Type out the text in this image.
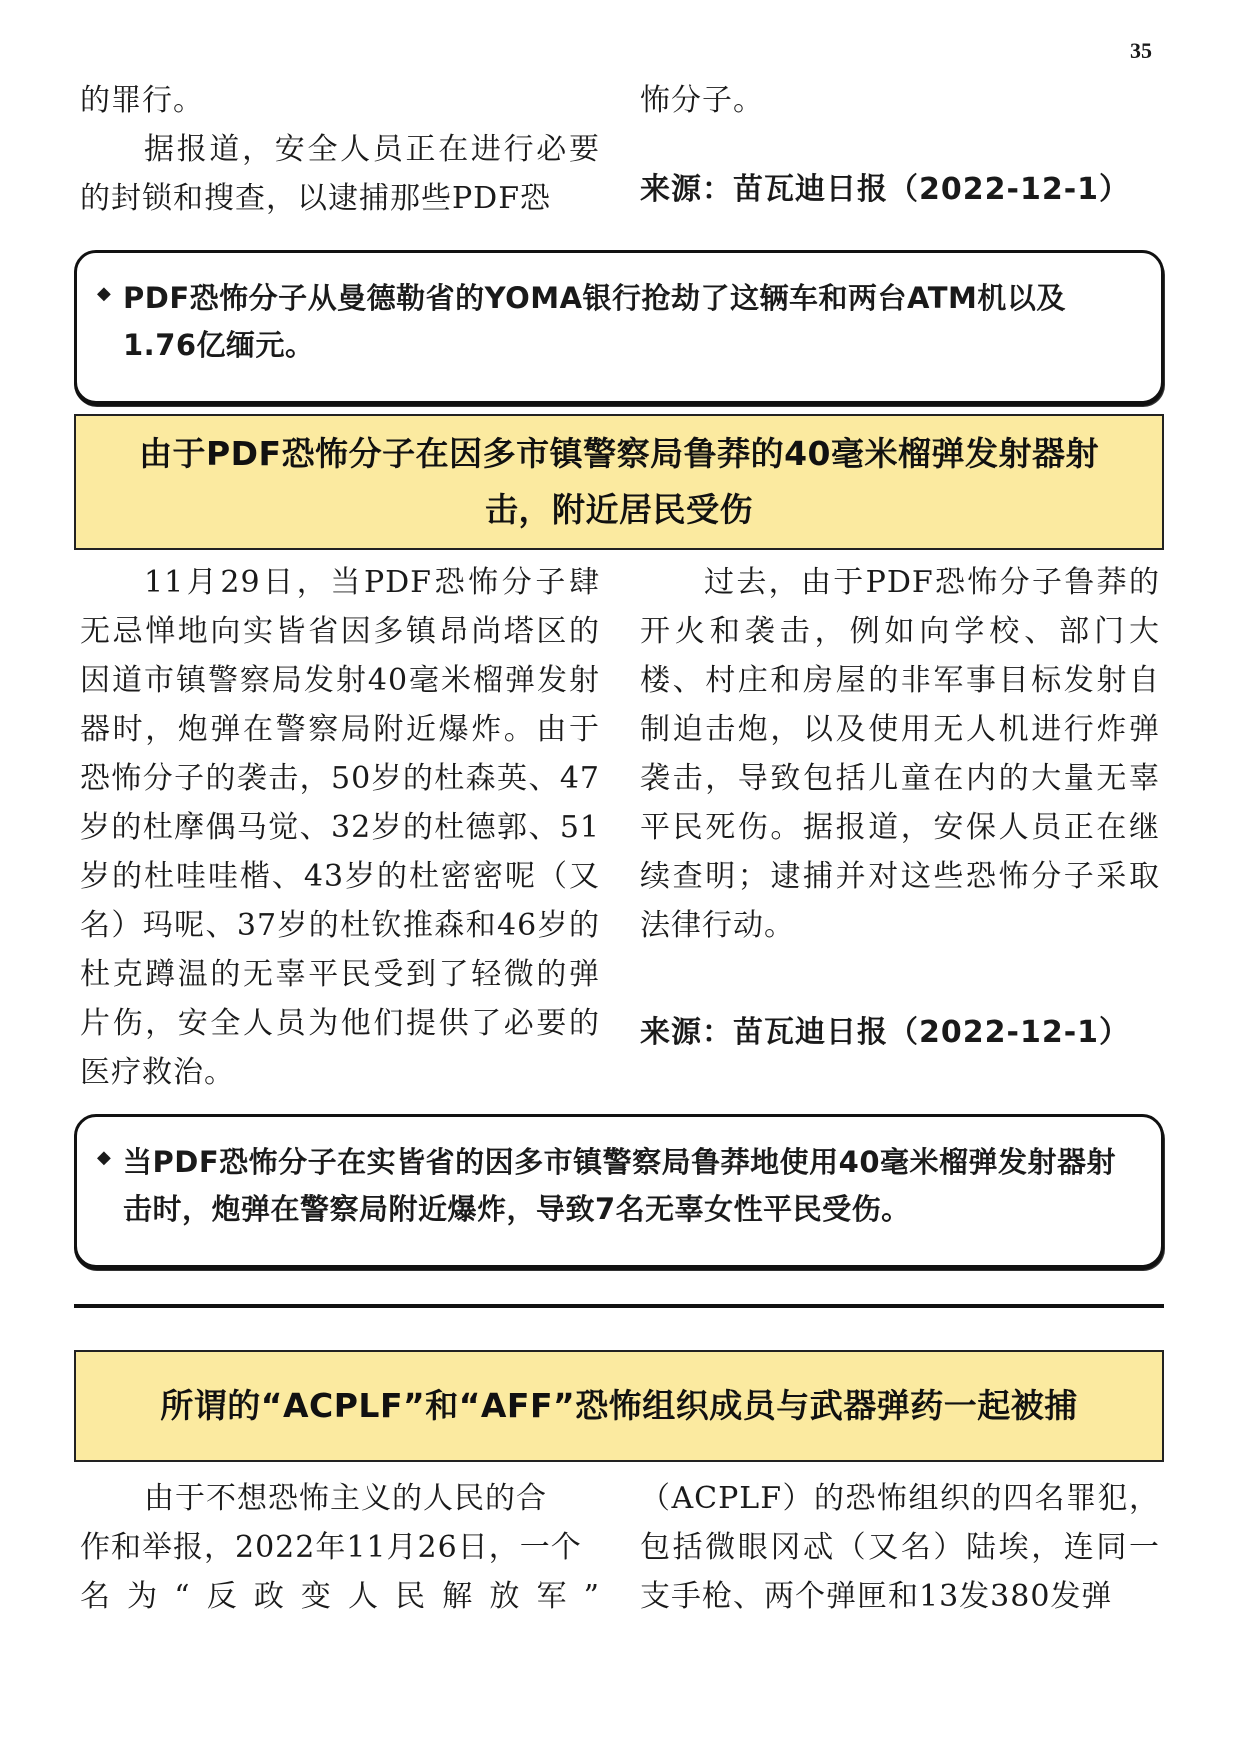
35

的罪行。

据报道，安全人员正在进行必要的封锁和搜查，以逮捕那些PDF恐

怖分子。

来源：苗瓦迪日报（2022-12-1）

◆ PDF恐怖分子从曼德勒省的YOMA银行抢劫了这辆车和两台ATM机以及1.76亿缅元。

由于PDF恐怖分子在因多市镇警察局鲁莽的40毫米榴弹发射器射
击，附近居民受伤

11月29日，当PDF恐怖分子肆无忌惮地向实皆省因多镇昂尚塔区的因道市镇警察局发射40毫米榴弹发射器时，炮弹在警察局附近爆炸。由于恐怖分子的袭击，50岁的杜森英、47岁的杜摩偶马觉、32岁的杜德郭、51岁的杜哇哇楷、43岁的杜密密呢（又名）玛呢、37岁的杜钦推森和46岁的杜克蹲温的无辜平民受到了轻微的弹片伤，安全人员为他们提供了必要的医疗救治。

过去，由于PDF恐怖分子鲁莽的开火和袭击，例如向学校、部门大楼、村庄和房屋的非军事目标发射自制迫击炮，以及使用无人机进行炸弹袭击，导致包括儿童在内的大量无辜平民死伤。据报道，安保人员正在继续查明；逮捕并对这些恐怖分子采取法律行动。

来源：苗瓦迪日报（2022-12-1）

◆ 当PDF恐怖分子在实皆省的因多市镇警察局鲁莽地使用40毫米榴弹发射器射击时，炮弹在警察局附近爆炸，导致7名无辜女性平民受伤。

所谓的“ACPLF”和“AFF”恐怖组织成员与武器弹药一起被捕

由于不想恐怖主义的人民的合

作和举报，2022年11月26日，一个

名为“反政变人民解放军”

（ACPLF）的恐怖组织的四名罪犯，包括微眼冈忒（又名）陆埃，连同一支手枪、两个弹匣和13发380发弹
